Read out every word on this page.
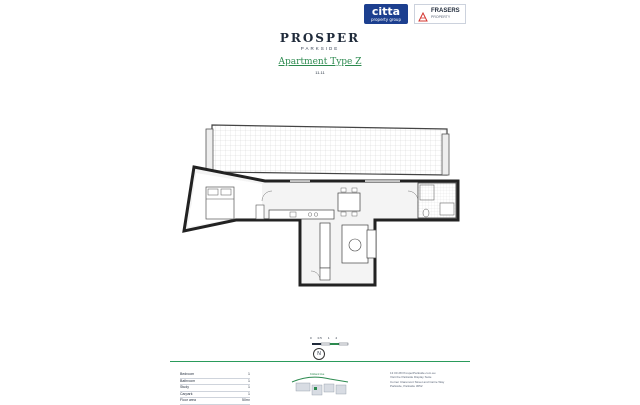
citta
property group
FRASERS
PROPERTY
PROSPER
PARKSIDE
Apartment Type Z
11.11
0 0.5 1 2
N
Bedroom	1
Bathroom	1
Study	1
Carpark	1
Floor area	50m²
Kirkland Ave	13 00 28 ProsperParkside.com.au
Visit the Parkside Display Suite
Corner Claremont Street and Carrie Way
Parkside, Parkside 3052
